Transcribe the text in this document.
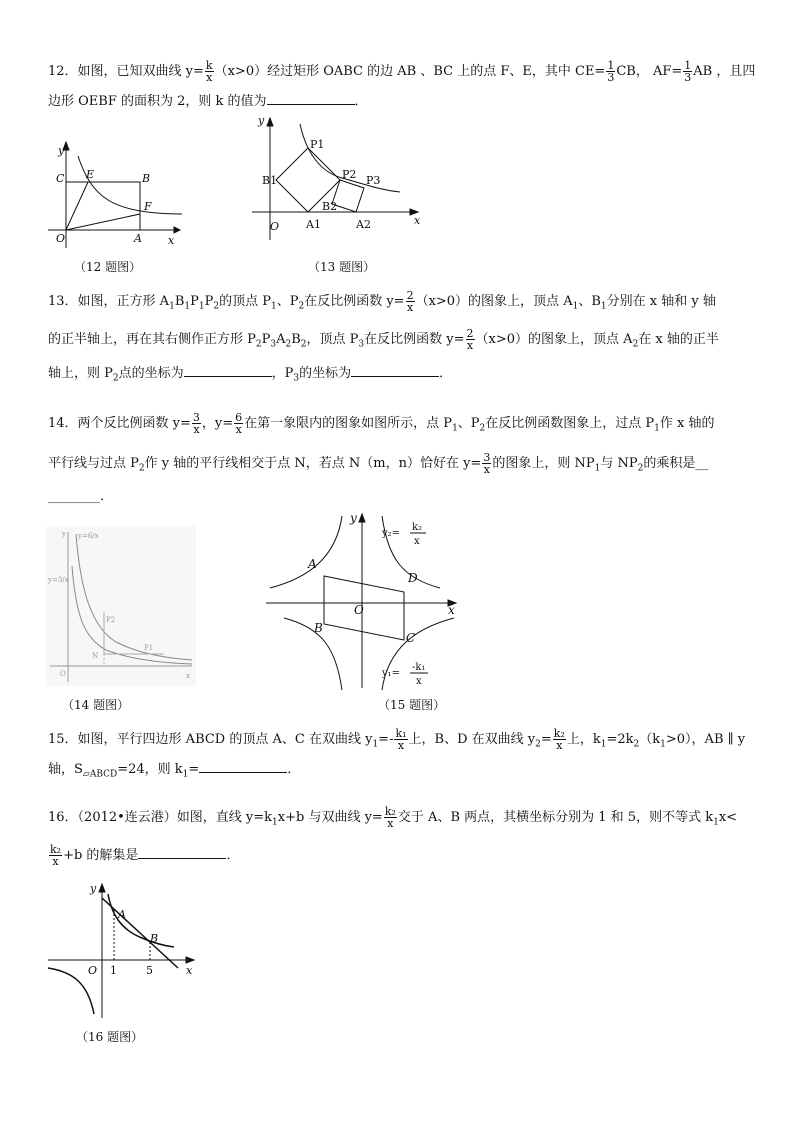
12．如图，已知双曲线 $y= \frac{k}{x} (x>0)$经过矩形 OABC 的边 AB 、BC 上的点 F、E，其中 $CE= \frac{1}{3}$ CB， $AF= \frac{1}{3}$ AB ，且四
边形 OEBF 的面积为 2，则 k 的值为	．
y
x
C E	B
F
O	A
（12 题图）
y
x
O
P1
P2 P3
B1
B2
A1	A2
（13 题图）
13．如图，正方形 $A_1B_1P_1P_2$的顶点 $P_1$、$P_2$在反比例函数 $y= \frac{2}{x} (x>0)$的图象上，顶点 $A_1$、$B_1$分别在 x 轴和 y 轴
的正半轴上，再在其右侧作正方形 $P_2P_3A_2B_2$，顶点 $P_3$在反比例函数 $y= \frac{2}{x} (x>0)$的图象上，顶点 $A_2$在 x 轴的正半
轴上，则 $P_2$点的坐标为	，$P_3$的坐标为	．
14．两个反比例函数 $y= \frac{3}{x}$ ，$y= \frac{6}{x}$ 在第一象限内的图象如图所示，点 $P_1$、$P_2$在反比例函数图象上，过点 $P_1$作 x 轴的
平行线与过点 $P_2$作 y 轴的平行线相交于点 N，若点 N（m，n）恰好在 $y= \frac{3}{x}$ 的图象上，则 $NP_1$与 $NP_2$的乘积是__
________．
y=6/x
y=3/x
P2
N
P1
O	x
y
（14 题图）
y
x
O
A
B
C
D
y₂=
k₂
x
y₁=
-k₁
x
（15 题图）
15．如图，平行四边形 ABCD 的顶点 A、C 在双曲线 $y_1=- \frac{\text{k₁}}{x}$ 上，B、D 在双曲线 $y_2= \frac{\text{k₂}}{x}$ 上，$k_1=2k_2(k_1>0)$，AB ∥ y
轴，$S_{▱ABCD}=24$，则 $k_1=$	．
16．（2012•连云港）如图，直线 $y=k_1x+b$ 与双曲线 $y= \frac{\text{k₂}}{x}$ 交于 A、B 两点，其横坐标分别为 1 和 5，则不等式 $k_1x<$
$\frac{\text{k₂}}{x} +b$ 的解集是	．
y
x
O
A
B
1	5
（16 题图）
